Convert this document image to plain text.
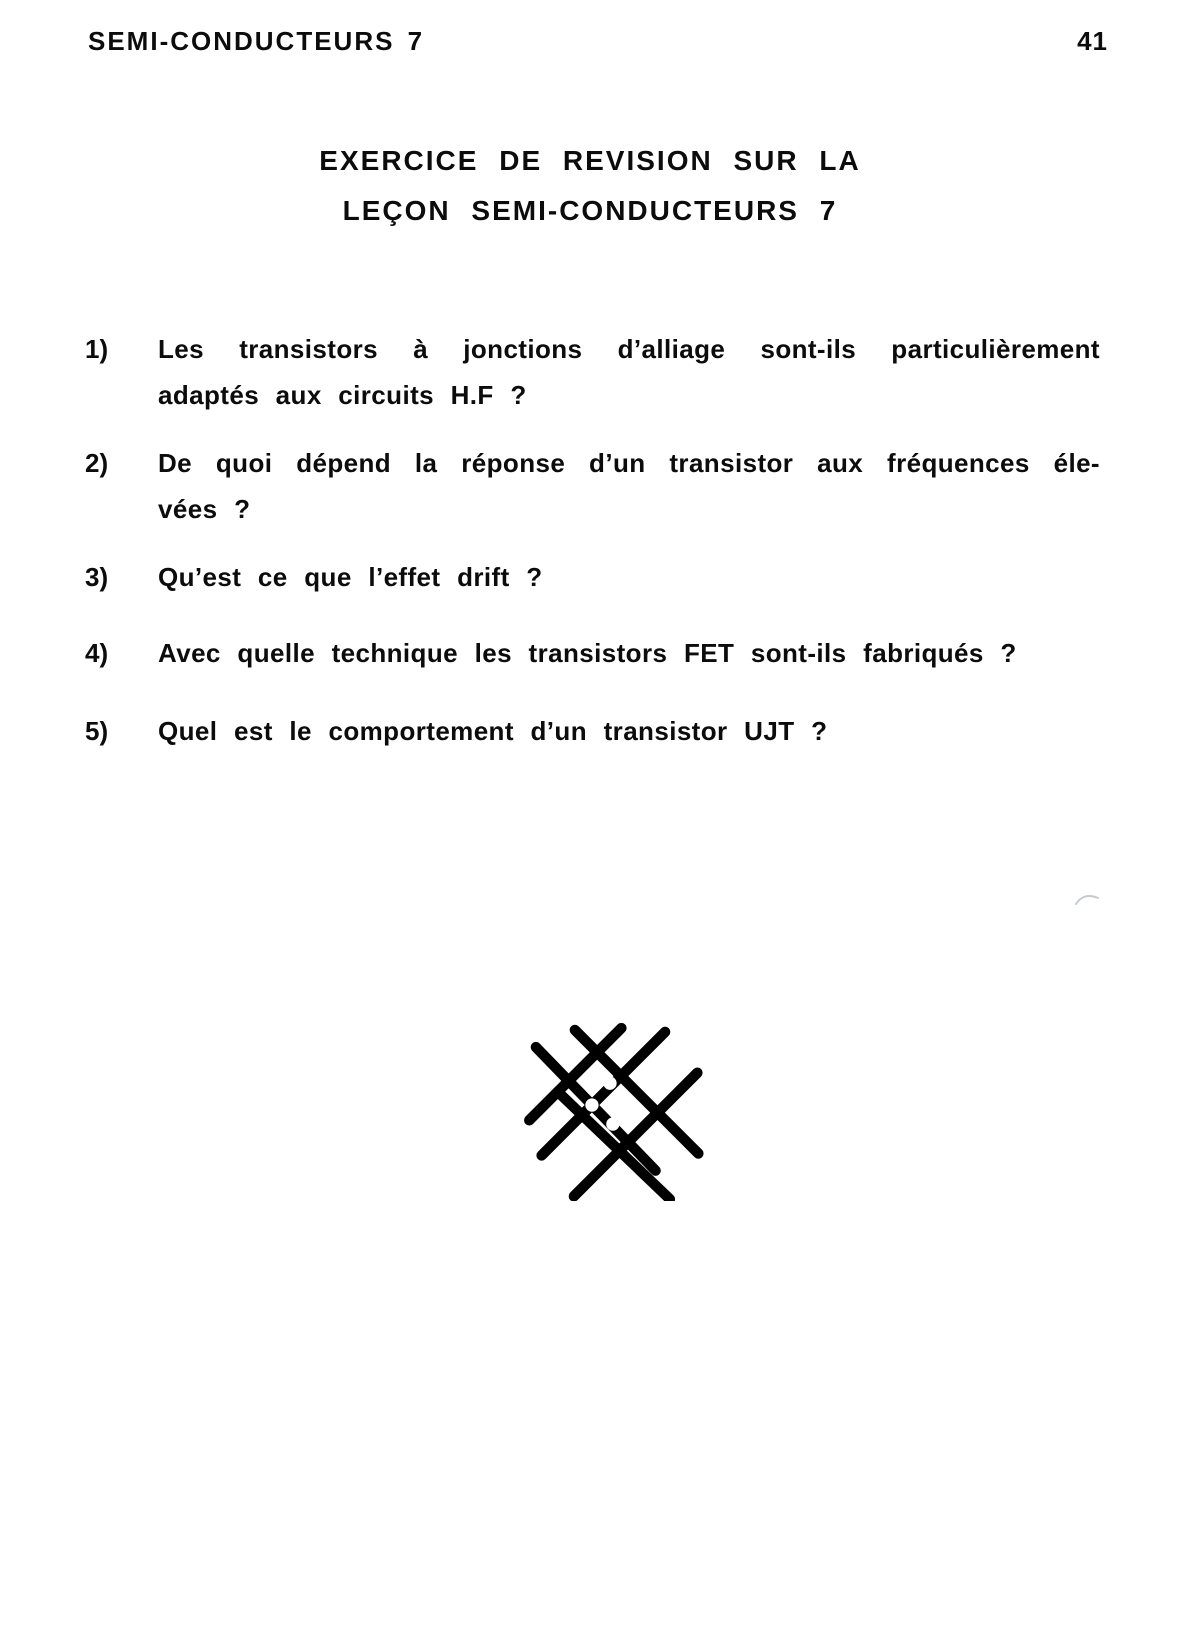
SEMI-CONDUCTEURS 7	41
EXERCICE DE REVISION SUR LA
LEÇON SEMI-CONDUCTEURS 7
1)	Les transistors à jonctions d’alliage sont-ils particulièrement
adaptés aux circuits H.F ?
2)	De quoi dépend la réponse d’un transistor aux fréquences éle-
vées ?
3)	Qu’est ce que l’effet drift ?
4)	Avec quelle technique les transistors FET sont-ils fabriqués ?
5)	Quel est le comportement d’un transistor UJT ?
